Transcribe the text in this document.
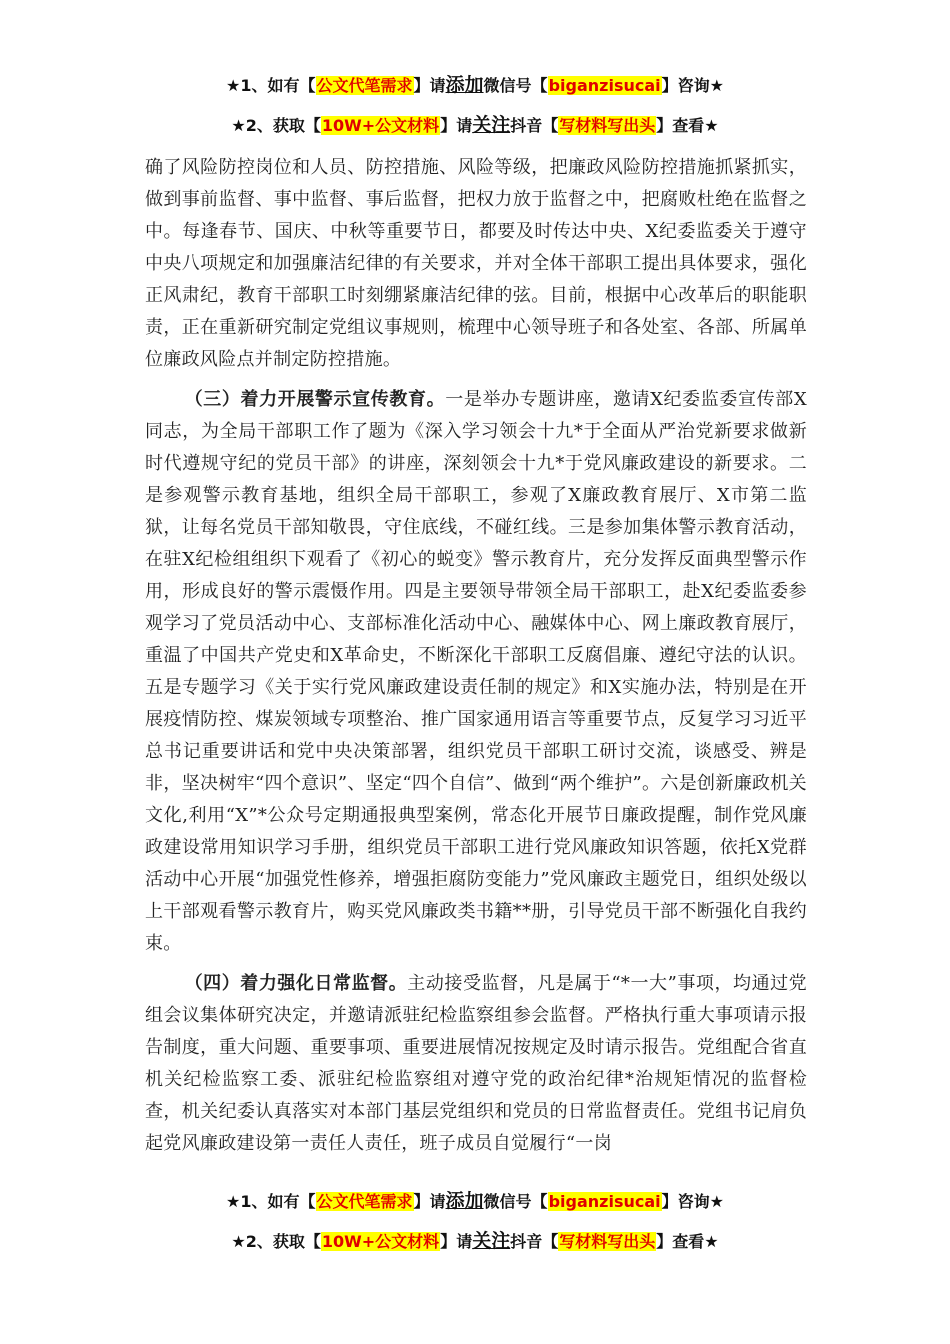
★1、如有【公文代笔需求】请添加微信号【biganzisucai】咨询★
★2、获取【10W+公文材料】请关注抖音【写材料写出头】查看★

确了风险防控岗位和人员、防控措施、风险等级，把廉政风险防控措施抓紧抓实，做到事前监督、事中监督、事后监督，把权力放于监督之中，把腐败杜绝在监督之中。每逢春节、国庆、中秋等重要节日，都要及时传达中央、X纪委监委关于遵守中央八项规定和加强廉洁纪律的有关要求，并对全体干部职工提出具体要求，强化正风肃纪，教育干部职工时刻绷紧廉洁纪律的弦。目前，根据中心改革后的职能职责，正在重新研究制定党组议事规则，梳理中心领导班子和各处室、各部、所属单位廉政风险点并制定防控措施。

（三）着力开展警示宣传教育。一是举办专题讲座，邀请X纪委监委宣传部X同志，为全局干部职工作了题为《深入学习领会十九*于全面从严治党新要求做新时代遵规守纪的党员干部》的讲座，深刻领会十九*于党风廉政建设的新要求。二是参观警示教育基地，组织全局干部职工，参观了X廉政教育展厅、X市第二监狱，让每名党员干部知敬畏，守住底线，不碰红线。三是参加集体警示教育活动，在驻X纪检组组织下观看了《初心的蜕变》警示教育片，充分发挥反面典型警示作用，形成良好的警示震慑作用。四是主要领导带领全局干部职工，赴X纪委监委参观学习了党员活动中心、支部标准化活动中心、融媒体中心、网上廉政教育展厅，重温了中国共产党史和X革命史，不断深化干部职工反腐倡廉、遵纪守法的认识。五是专题学习《关于实行党风廉政建设责任制的规定》和X实施办法，特别是在开展疫情防控、煤炭领域专项整治、推广国家通用语言等重要节点，反复学习习近平总书记重要讲话和党中央决策部署，组织党员干部职工研讨交流，谈感受、辨是非，坚决树牢“四个意识”、坚定“四个自信”、做到“两个维护”。六是创新廉政机关文化,利用“X”*公众号定期通报典型案例，常态化开展节日廉政提醒，制作党风廉政建设常用知识学习手册，组织党员干部职工进行党风廉政知识答题，依托X党群活动中心开展“加强党性修养，增强拒腐防变能力”党风廉政主题党日，组织处级以上干部观看警示教育片，购买党风廉政类书籍**册，引导党员干部不断强化自我约束。

（四）着力强化日常监督。主动接受监督，凡是属于“*一大”事项，均通过党组会议集体研究决定，并邀请派驻纪检监察组参会监督。严格执行重大事项请示报告制度，重大问题、重要事项、重要进展情况按规定及时请示报告。党组配合省直机关纪检监察工委、派驻纪检监察组对遵守党的政治纪律*治规矩情况的监督检查，机关纪委认真落实对本部门基层党组织和党员的日常监督责任。党组书记肩负起党风廉政建设第一责任人责任，班子成员自觉履行“一岗

★1、如有【公文代笔需求】请添加微信号【biganzisucai】咨询★
★2、获取【10W+公文材料】请关注抖音【写材料写出头】查看★
